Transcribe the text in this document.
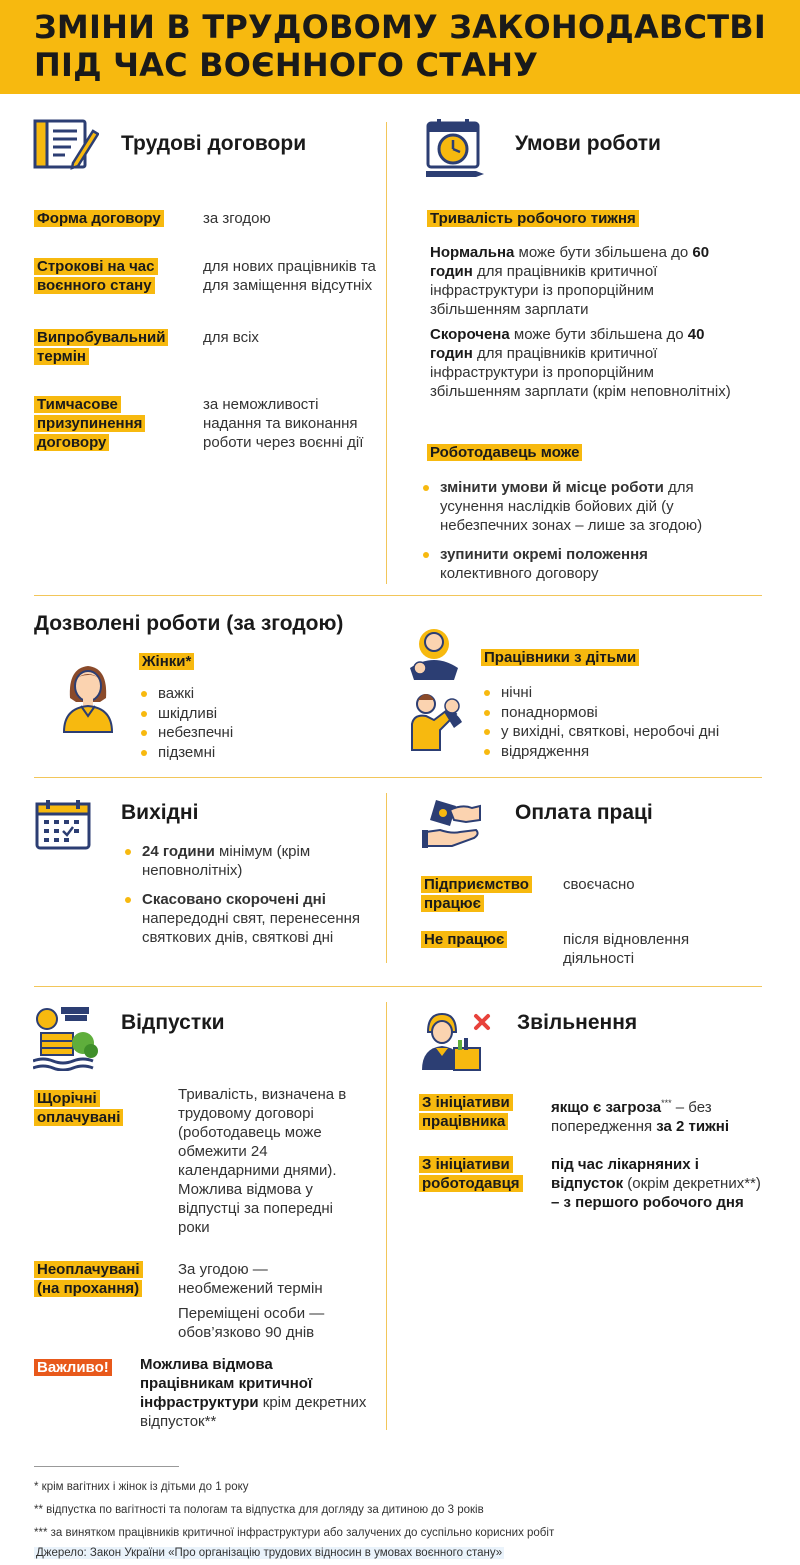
ЗМІНИ В ТРУДОВОМУ ЗАКОНОДАВСТВІ
ПІД ЧАС ВОЄННОГО СТАНУ
Трудові договори
Форма договору	за згодою
Строкові на час воєнного стану
для нових працівників та для заміщення відсутніх
Випробувальний термін
для всіх
Тимчасове призупинення договору
за неможливості надання та виконання роботи через воєнні дії
Умови роботи
Тривалість робочого тижня
Нормальна може бути збільшена до 60 годин для працівників критичної інфраструктури із пропорційним збільшенням зарплати
Скорочена може бути збільшена до 40 годин для працівників критичної інфраструктури із пропорційним збільшенням зарплати (крім неповнолітніх)
Роботодавець може
змінити умови й місце роботи для усунення наслідків бойових дій (у небезпечних зонах – лише за згодою)
зупинити окремі положення колективного договору
Дозволені роботи (за згодою)
Жінки*
важкі
шкідливі
небезпечні
підземні
Працівники з дітьми
нічні
понаднормові
у вихідні, святкові, неробочі дні
відрядження
Вихідні
24 години мінімум (крім неповнолітніх)
Скасовано скорочені дні напередодні свят, перенесення святкових днів, святкові дні
Оплата праці
Підприємство працює
своєчасно
Не працює	після відновлення діяльності
Відпустки
Щорічні оплачувані
Тривалість, визначена в трудовому договорі (роботодавець може обмежити 24 календарними днями). Можлива відмова у відпустці за попередні роки
Неоплачувані (на прохання)
За угодою — необмежений термін
Переміщені особи — обов’язково 90 днів
Важливо! Можлива відмова працівникам критичної інфраструктури крім декретних відпусток**
Звільнення
З ініціативи працівника
якщо є загроза*** – без попередження за 2 тижні
З ініціативи роботодавця
під час лікарняних і відпусток (окрім декретних**) – з першого робочого дня
* крім вагітних і жінок із дітьми до 1 року
** відпустка по вагітності та пологам та відпустка для догляду за дитиною до 3 років
*** за винятком працівників критичної інфраструктури або залучених до суспільно корисних робіт
Джерело: Закон України «Про організацію трудових відносин в умовах воєнного стану»
